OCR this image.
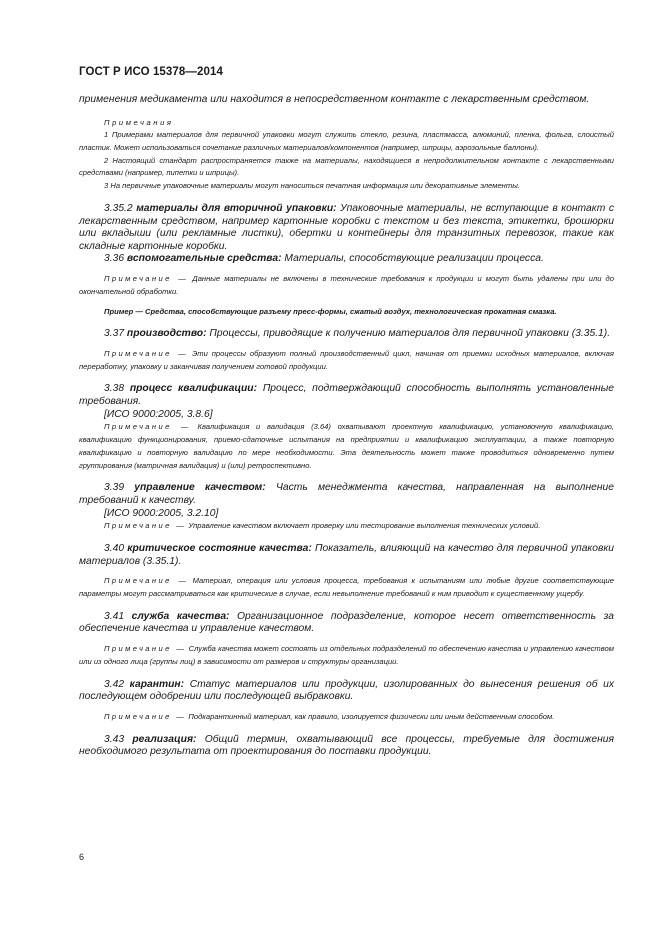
ГОСТ Р ИСО 15378—2014

применения медикамента или находится в непосредственном контакте с лекарственным средством.

Примечания

1 Примерами материалов для первичной упаковки могут служить стекло, резина, пластмасса, алюминий, пленка, фольга, слоистый пластик. Может использоваться сочетание различных материалов/компонентов (например, шприцы, аэрозольные баллоны).

2 Настоящий стандарт распространяется также на материалы, находящиеся в непродолжительном контакте с лекарственными средствами (например, пипетки и шприцы).

3 На первичные упаковочные материалы могут наноситься печатная информация или декоративные элементы.

3.35.2 материалы для вторичной упаковки: Упаковочные материалы, не вступающие в контакт с лекарственным средством, например картонные коробки с текстом и без текста, этикетки, брошюрки или вкладыши (или рекламные листки), обертки и контейнеры для транзитных перевозок, такие как складные картонные коробки.

3.36 вспомогательные средства: Материалы, способствующие реализации процесса.

Примечание — Данные материалы не включены в технические требования к продукции и могут быть удалены при или до окончательной обработки.

Пример — Средства, способствующие разъему пресс-формы, сжатый воздух, технологическая прокатная смазка.

3.37 производство: Процессы, приводящие к получению материалов для первичной упаковки (3.35.1).

Примечание — Эти процессы образуют полный производственный цикл, начиная от приемки исходных материалов, включая переработку, упаковку и заканчивая получением готовой продукции.

3.38 процесс квалификации: Процесс, подтверждающий способность выполнять установленные требования.

[ИСО 9000:2005, 3.8.6]

Примечание — Квалификация и валидация (3.64) охватывают проектную квалификацию, установочную квалификацию, квалификацию функционирования, приемо-сдаточные испытания на предприятии и квалификацию эксплуатации, а также повторную квалификацию и повторную валидацию по мере необходимости. Эта деятельность может также проводиться одновременно путем группирования (матричная валидация) и (или) ретроспективно.

3.39 управление качеством: Часть менеджмента качества, направленная на выполнение требований к качеству.

[ИСО 9000:2005, 3.2.10]

Примечание — Управление качеством включает проверку или тестирование выполнения технических условий.

3.40 критическое состояние качества: Показатель, влияющий на качество для первичной упаковки материалов (3.35.1).

Примечание — Материал, операция или условия процесса, требования к испытаниям или любые другие соответствующие параметры могут рассматриваться как критические в случае, если невыполнение требований к ним приводит к существенному ущербу.

3.41 служба качества: Организационное подразделение, которое несет ответственность за обеспечение качества и управление качеством.

Примечание — Служба качества может состоять из отдельных подразделений по обеспечению качества и управлению качеством или из одного лица (группы лиц) в зависимости от размеров и структуры организации.

3.42 карантин: Статус материалов или продукции, изолированных до вынесения решения об их последующем одобрении или последующей выбраковки.

Примечание — Подкарантинный материал, как правило, изолируется физически или иным действенным способом.

3.43 реализация: Общий термин, охватывающий все процессы, требуемые для достижения необходимого результата от проектирования до поставки продукции.

6
